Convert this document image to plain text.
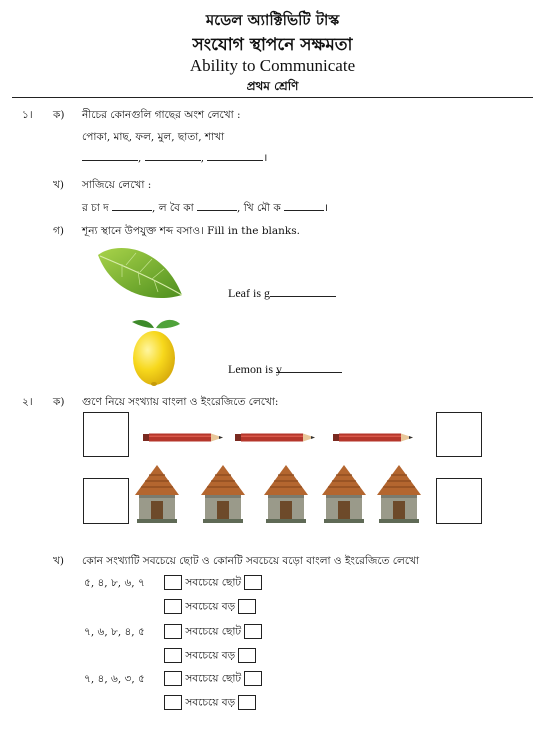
মডেল অ্যাক্টিভিটি টাস্ক
সংযোগ স্থাপনে সক্ষমতা
Ability to Communicate
প্রথম শ্রেণি
১। ক) নীচের কোনগুলি গাছের অংশ লেখো :
পোকা, মাছ, ফল, মুল, ছাতা, শাখা
,	,	।
খ) সাজিয়ে লেখো :
র চা দ	, ল বৈ কা	, খি মৌ ক	।
গ) শূন্য স্থানে উপযুক্ত শব্দ বসাও। Fill in the blanks.
Leaf is g
Lemon is y
২। ক) গুণে নিয়ে সংখ্যায় বাংলা ও ইংরেজিতে লেখো:
খ) কোন সংখ্যাটি সবচেয়ে ছোট ও কোনটি সবচেয়ে বড়ো বাংলা ও ইংরেজিতে লেখো
৫, ৪, ৮, ৬, ৭	সবচেয়ে ছোট
সবচেয়ে বড়
৭, ৬, ৮, ৪, ৫	সবচেয়ে ছোট
সবচেয়ে বড়
৭, ৪, ৬, ৩, ৫	সবচেয়ে ছোট
সবচেয়ে বড়
